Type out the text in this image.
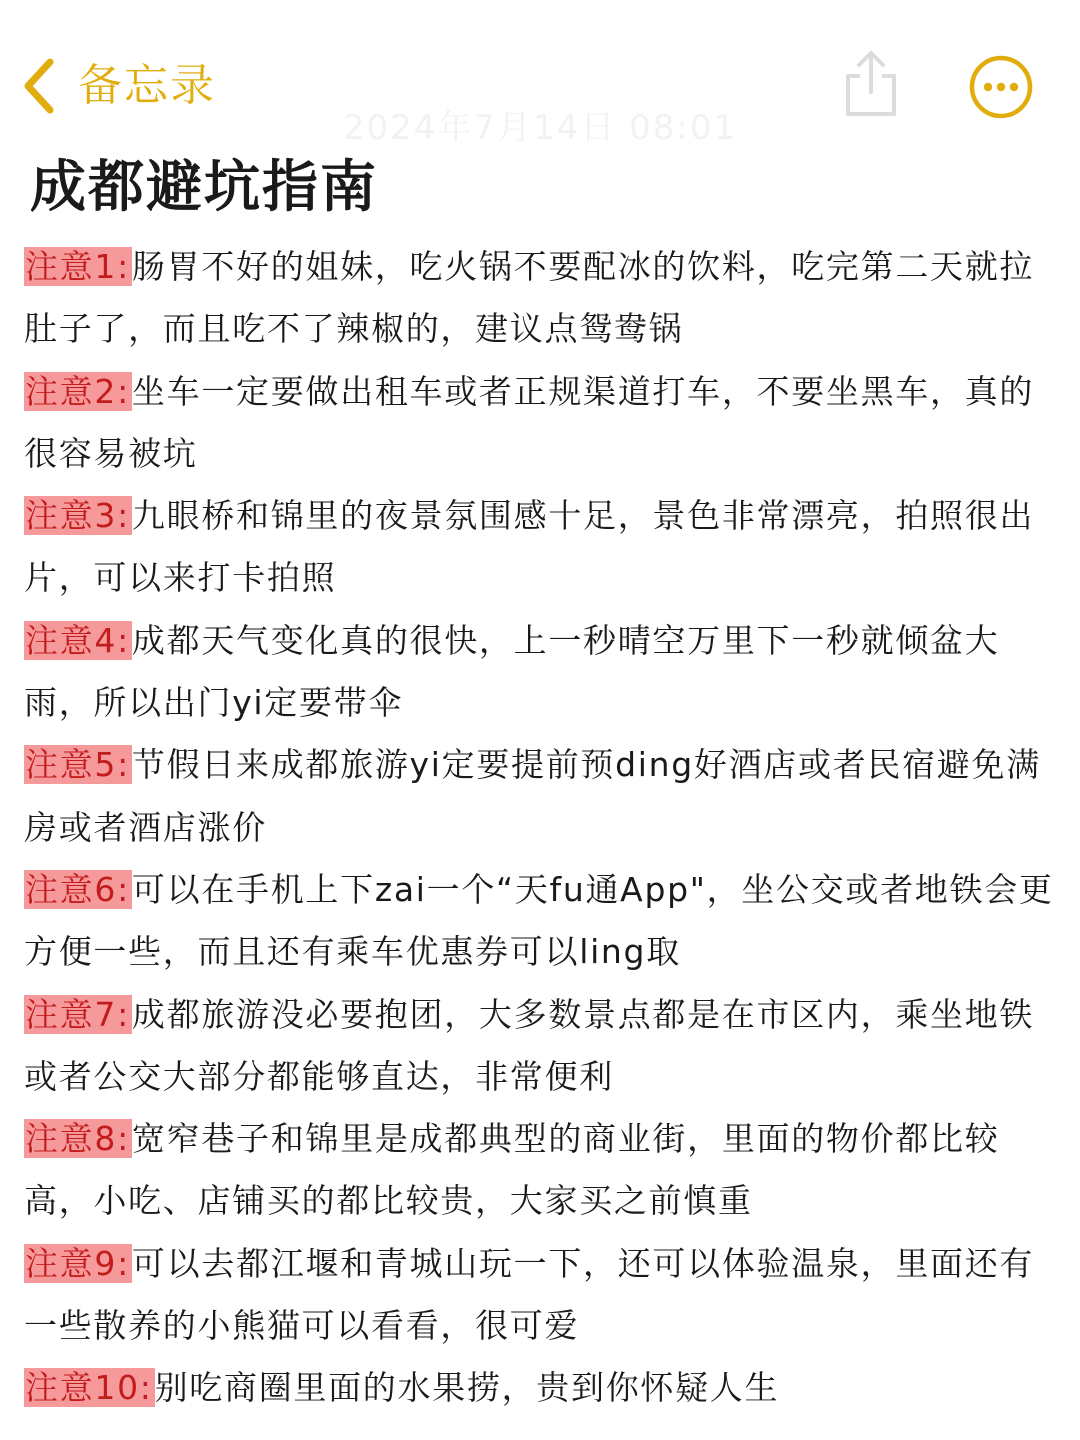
备忘录
2024年7月14日 08:01
成都避坑指南

注意1:肠胃不好的姐妹，吃火锅不要配冰的饮料，吃完第二天就拉肚子了，而且吃不了辣椒的，建议点鸳鸯锅

注意2:坐车一定要做出租车或者正规渠道打车，不要坐黑车，真的很容易被坑

注意3:九眼桥和锦里的夜景氛围感十足，景色非常漂亮，拍照很出片，可以来打卡拍照

注意4:成都天气变化真的很快，上一秒晴空万里下一秒就倾盆大雨，所以出门yi定要带伞

注意5:节假日来成都旅游yi定要提前预ding好酒店或者民宿避免满房或者酒店涨价

注意6:可以在手机上下zai一个“天fu通App"，坐公交或者地铁会更方便一些，而且还有乘车优惠券可以ling取

注意7:成都旅游没必要抱团，大多数景点都是在市区内，乘坐地铁或者公交大部分都能够直达，非常便利

注意8:宽窄巷子和锦里是成都典型的商业街，里面的物价都比较高，小吃、店铺买的都比较贵，大家买之前慎重

注意9:可以去都江堰和青城山玩一下，还可以体验温泉，里面还有一些散养的小熊猫可以看看，很可爱

注意10:别吃商圈里面的水果捞，贵到你怀疑人生
